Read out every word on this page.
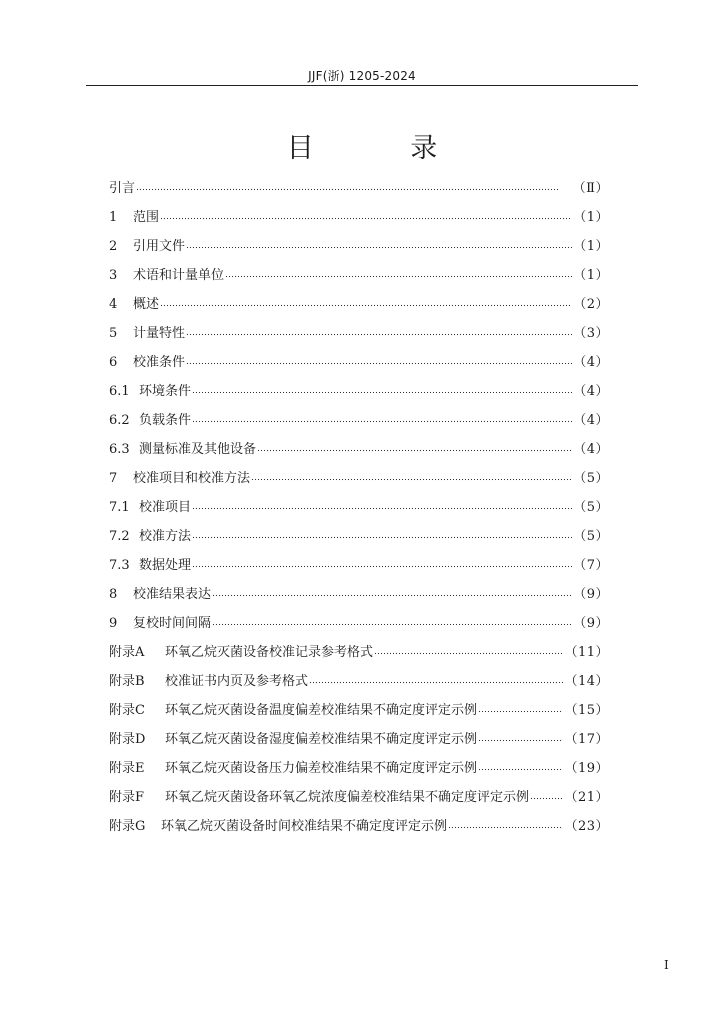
JJF(浙) 1205-2024
目 录
引言	（Ⅱ）
1	范围	（1）
2	引用文件	（1）
3	术语和计量单位	（1）
4	概述	（2）
5	计量特性	（3）
6	校准条件	（4）
6.1 环境条件	（4）
6.2 负载条件	（4）
6.3 测量标准及其他设备	（4）
7	校准项目和校准方法	（5）
7.1 校准项目	（5）
7.2 校准方法	（5）
7.3 数据处理	（7）
8	校准结果表达	（9）
9	复校时间间隔	（9）
附录A	环氧乙烷灭菌设备校准记录参考格式	（11）
附录B	校准证书内页及参考格式	（14）
附录C	环氧乙烷灭菌设备温度偏差校准结果不确定度评定示例	（15）
附录D	环氧乙烷灭菌设备湿度偏差校准结果不确定度评定示例	（17）
附录E	环氧乙烷灭菌设备压力偏差校准结果不确定度评定示例	（19）
附录F	环氧乙烷灭菌设备环氧乙烷浓度偏差校准结果不确定度评定示例	（21）
附录G	环氧乙烷灭菌设备时间校准结果不确定度评定示例	（23）
I
